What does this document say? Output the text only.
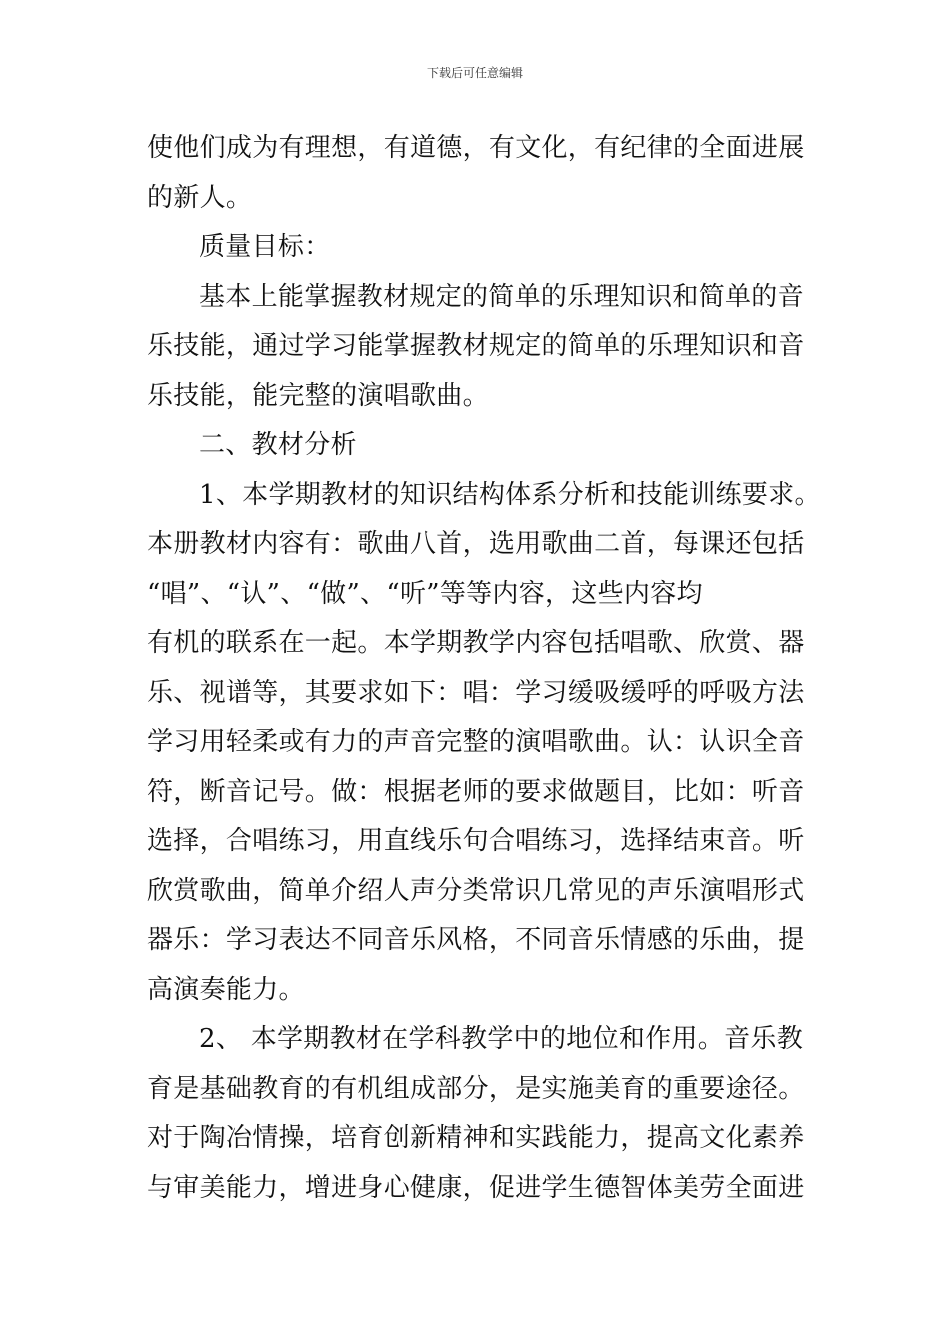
下载后可任意编辑
使他们成为有理想，有道德，有文化，有纪律的全面进展
的新人。
质量目标：
基本上能掌握教材规定的简单的乐理知识和简单的音
乐技能，通过学习能掌握教材规定的简单的乐理知识和音
乐技能，能完整的演唱歌曲。
二、教材分析
1、本学期教材的知识结构体系分析和技能训练要求。
本册教材内容有：歌曲八首，选用歌曲二首，每课还包括
“唱”、“认”、“做”、“听”等等内容，这些内容均
有机的联系在一起。本学期教学内容包括唱歌、欣赏、器
乐、视谱等，其要求如下：唱：学习缓吸缓呼的呼吸方法
学习用轻柔或有力的声音完整的演唱歌曲。认：认识全音
符，断音记号。做：根据老师的要求做题目，比如：听音
选择，合唱练习，用直线乐句合唱练习，选择结束音。听
欣赏歌曲，简单介绍人声分类常识几常见的声乐演唱形式
器乐：学习表达不同音乐风格，不同音乐情感的乐曲，提
高演奏能力。
2、 本学期教材在学科教学中的地位和作用。音乐教
育是基础教育的有机组成部分，是实施美育的重要途径。
对于陶冶情操，培育创新精神和实践能力，提高文化素养
与审美能力，增进身心健康，促进学生德智体美劳全面进
